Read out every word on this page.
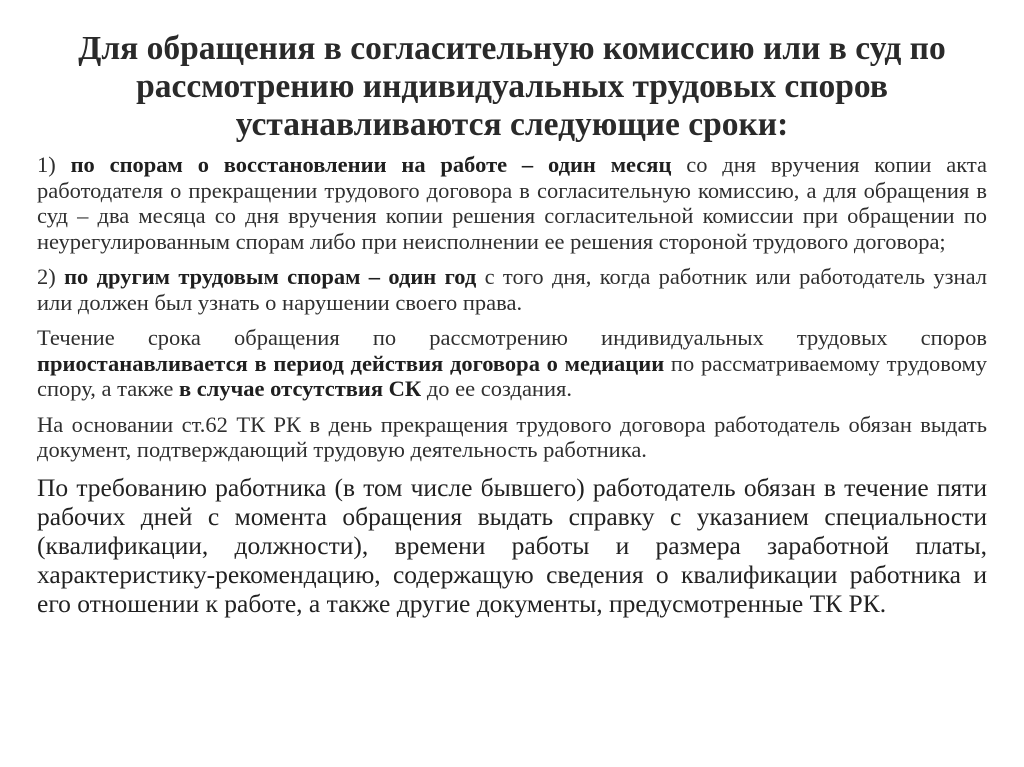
Для обращения в согласительную комиссию или в суд по рассмотрению индивидуальных трудовых споров устанавливаются следующие сроки:

1) по спорам о восстановлении на работе – один месяц со дня вручения копии акта работодателя о прекращении трудового договора в согласительную комиссию, а для обращения в суд – два месяца со дня вручения копии решения согласительной комиссии при обращении по неурегулированным спорам либо при неисполнении ее решения стороной трудового договора;

2) по другим трудовым спорам – один год с того дня, когда работник или работодатель узнал или должен был узнать о нарушении своего права.

Течение срока обращения по рассмотрению индивидуальных трудовых споров приостанавливается в период действия договора о медиации по рассматриваемому трудовому спору, а также в случае отсутствия СК до ее создания.

На основании ст.62 ТК РК в день прекращения трудового договора работодатель обязан выдать документ, подтверждающий трудовую деятельность работника.

По требованию работника (в том числе бывшего) работодатель обязан в течение пяти рабочих дней с момента обращения выдать справку с указанием специальности (квалификации, должности), времени работы и размера заработной платы, характеристику-рекомендацию, содержащую сведения о квалификации работника и его отношении к работе, а также другие документы, предусмотренные ТК РК.
